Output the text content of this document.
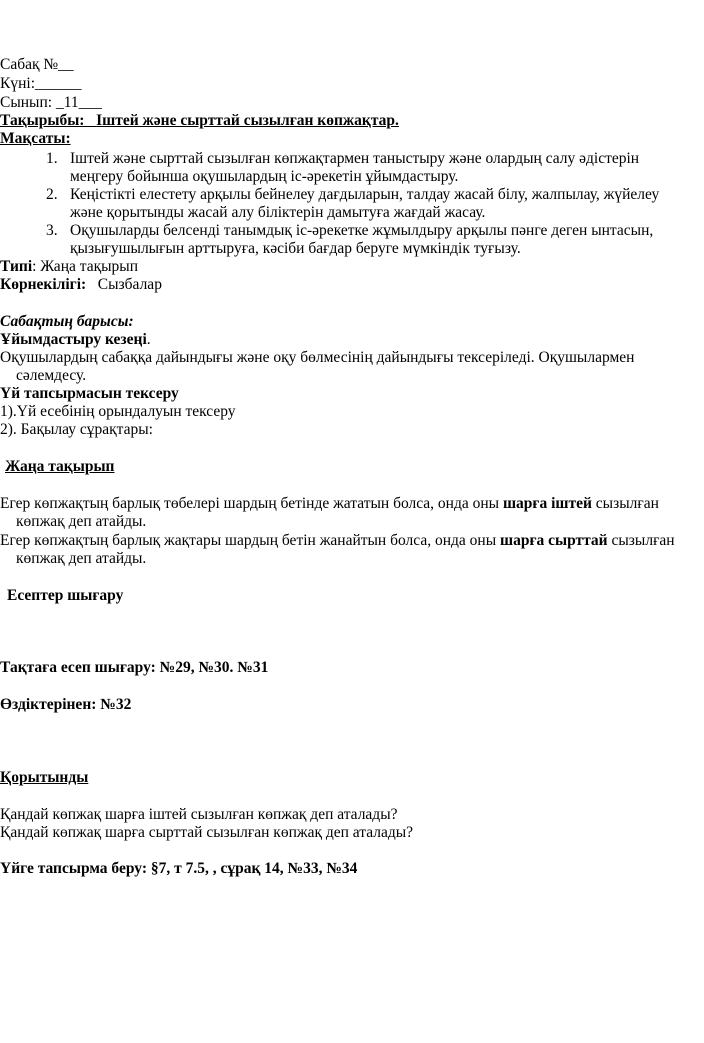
Сабақ №__
Күні:______
Сынып: _11___
Тақырыбы: Іштей және сырттай сызылған көпжақтар.
Мақсаты:
1. Іштей және сырттай сызылған көпжақтармен таныстыру және олардың салу әдістерін
меңгеру бойынша оқушылардың іс-әрекетін ұйымдастыру.
2. Кеңістікті елестету арқылы бейнелеу дағдыларын, талдау жасай білу, жалпылау, жүйелеу
және қорытынды жасай алу біліктерін дамытуға жағдай жасау.
3. Оқушыларды белсенді танымдық іс-әрекетке жұмылдыру арқылы пәнге деген ынтасын,
қызығушылығын арттыруға, кәсіби бағдар беруге мүмкіндік туғызу.
Типі: Жаңа тақырып
Көрнекілігі: Сызбалар
Сабақтың барысы:
Ұйымдастыру кезеңі.
Оқушылардың сабаққа дайындығы және оқу бөлмесінің дайындығы тексеріледі. Оқушылармен
сәлемдесу.
Үй тапсырмасын тексеру
1).Үй есебінің орындалуын тексеру
2). Бақылау сұрақтары:
Жаңа тақырып
Егер көпжақтың барлық төбелері шардың бетінде жататын болса, онда оны шарға іштей сызылған
көпжақ деп атайды.
Егер көпжақтың барлық жақтары шардың бетін жанайтын болса, онда оны шарға сырттай сызылған
көпжақ деп атайды.
Есептер шығару
Тақтаға есеп шығару: №29, №30. №31
Өздіктерінен: №32
Қорытынды
Қандай көпжақ шарға іштей сызылған көпжақ деп аталады?
Қандай көпжақ шарға сырттай сызылған көпжақ деп аталады?
Үйге тапсырма беру: §7, т 7.5, , сұрақ 14, №33, №34
